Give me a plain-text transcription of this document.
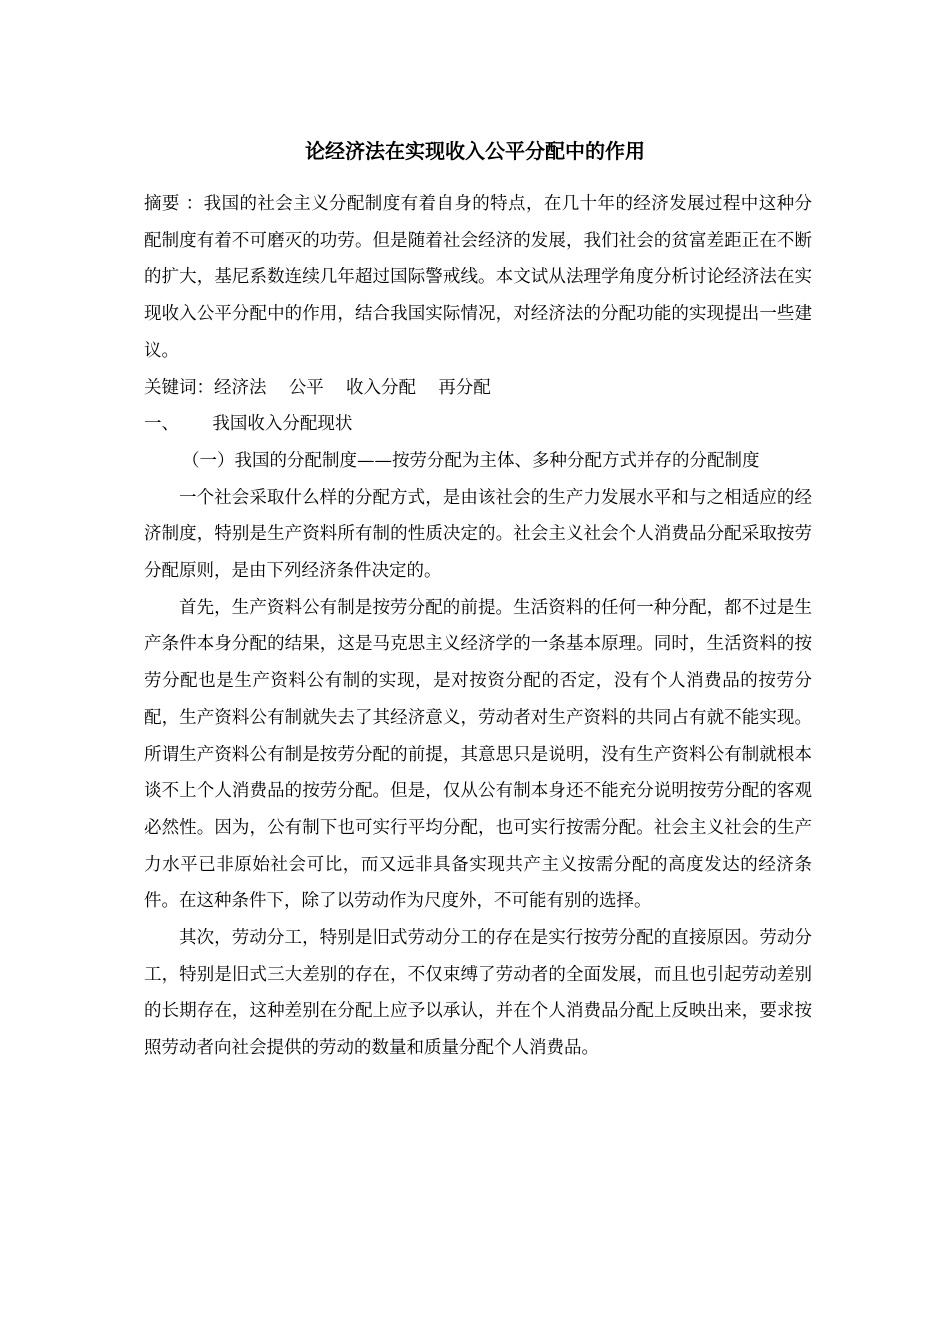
论经济法在实现收入公平分配中的作用

摘要 ：我国的社会主义分配制度有着自身的特点，在几十年的经济发展过程中这种分配制度有着不可磨灭的功劳。但是随着社会经济的发展，我们社会的贫富差距正在不断的扩大，基尼系数连续几年超过国际警戒线。本文试从法理学角度分析讨论经济法在实现收入公平分配中的作用，结合我国实际情况，对经济法的分配功能的实现提出一些建议。

关键词：经济法    公平    收入分配    再分配

一、      我国收入分配现状

（一）我国的分配制度——按劳分配为主体、多种分配方式并存的分配制度

一个社会采取什么样的分配方式，是由该社会的生产力发展水平和与之相适应的经济制度，特别是生产资料所有制的性质决定的。社会主义社会个人消费品分配采取按劳分配原则，是由下列经济条件决定的。

首先，生产资料公有制是按劳分配的前提。生活资料的任何一种分配，都不过是生产条件本身分配的结果，这是马克思主义经济学的一条基本原理。同时，生活资料的按劳分配也是生产资料公有制的实现，是对按资分配的否定，没有个人消费品的按劳分配，生产资料公有制就失去了其经济意义，劳动者对生产资料的共同占有就不能实现。所谓生产资料公有制是按劳分配的前提，其意思只是说明，没有生产资料公有制就根本谈不上个人消费品的按劳分配。但是，仅从公有制本身还不能充分说明按劳分配的客观必然性。因为，公有制下也可实行平均分配，也可实行按需分配。社会主义社会的生产力水平已非原始社会可比，而又远非具备实现共产主义按需分配的高度发达的经济条件。在这种条件下，除了以劳动作为尺度外，不可能有别的选择。

其次，劳动分工，特别是旧式劳动分工的存在是实行按劳分配的直接原因。劳动分工，特别是旧式三大差别的存在，不仅束缚了劳动者的全面发展，而且也引起劳动差别的长期存在，这种差别在分配上应予以承认，并在个人消费品分配上反映出来，要求按照劳动者向社会提供的劳动的数量和质量分配个人消费品。
